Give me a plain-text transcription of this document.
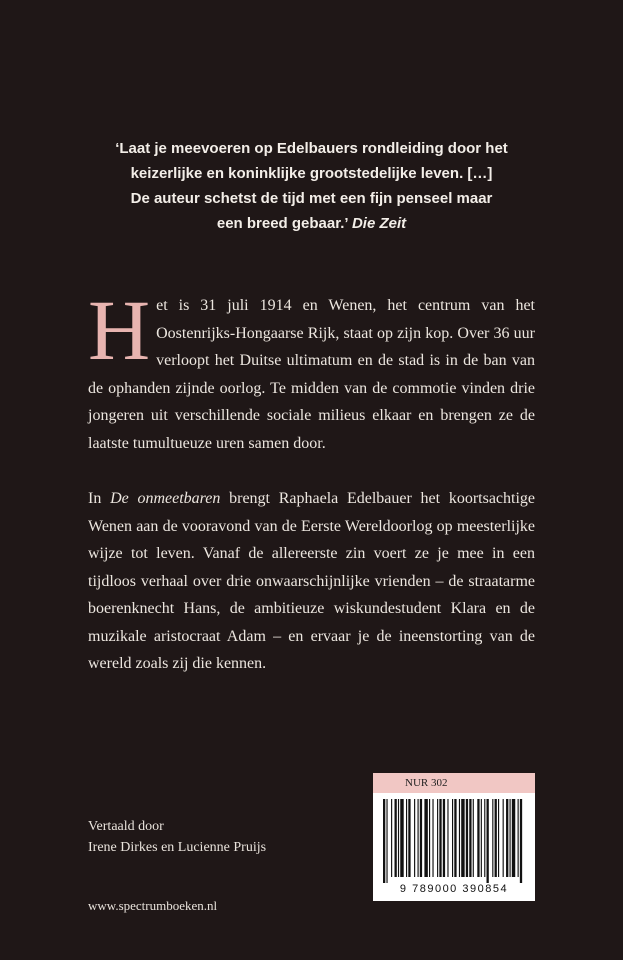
‘Laat je meevoeren op Edelbauers rondleiding door het
keizerlijke en koninklijke grootstedelijke leven. […]
De auteur schetst de tijd met een fijn penseel maar
een breed gebaar.’ Die Zeit
H et is 31 juli 1914 en Wenen, het centrum van het Oostenrijks-Hongaarse Rijk, staat op zijn kop. Over 36 uur verloopt het Duitse ultimatum en de stad is in de ban van de ophanden zijnde oorlog. Te midden van de commotie vinden drie jongeren uit verschillende sociale milieus elkaar en brengen ze de laatste tumultueuze uren samen door.

In De onmeetbaren brengt Raphaela Edelbauer het koortsachtige Wenen aan de vooravond van de Eerste Wereldoorlog op meesterlijke wijze tot leven. Vanaf de allereerste zin voert ze je mee in een tijdloos verhaal over drie onwaarschijnlijke vrienden – de straatarme boerenknecht Hans, de ambitieuze wiskundestudent Klara en de muzikale aristocraat Adam – en ervaar je de ineenstorting van de wereld zoals zij die kennen.

Vertaald door
Irene Dirkes en Lucienne Pruijs
www.spectrumboeken.nl
NUR 302
9 789000 390854
